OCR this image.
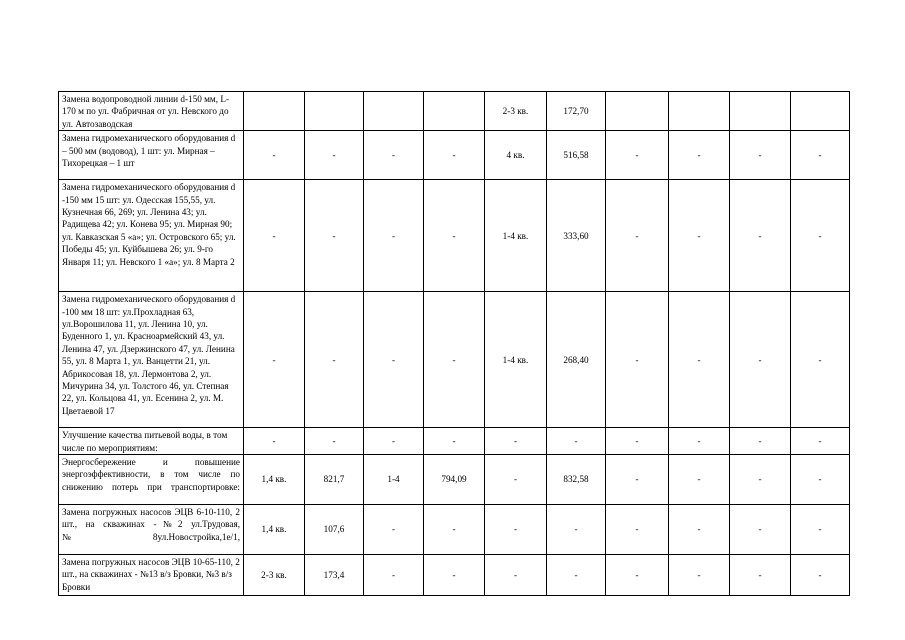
Замена водопроводной линии d-150 мм, L-170 м по ул. Фабричная от ул. Невского до ул. Автозаводская					2-3 кв.	172,70				
Замена гидромеханического оборудования d – 500 мм (водовод), 1 шт: ул. Мирная – Тихорецкая – 1 шт	-	-	-	-	4 кв.	516,58	-	-	-	-
Замена гидромеханического оборудования d -150 мм 15 шт: ул. Одесская 155,55, ул. Кузнечная 66, 269; ул. Ленина 43; ул. Радищева 42; ул. Конева 95; ул. Мирная 90; ул. Кавказская 5 «а»; ул. Островского 65; ул. Победы 45; ул. Куйбышева 26; ул. 9-го Января 11; ул. Невского 1 «а»; ул. 8 Марта 2	-	-	-	-	1-4 кв.	333,60	-	-	-	-
Замена гидромеханического оборудования d -100 мм 18 шт: ул.Прохладная 63, ул.Ворошилова 11, ул. Ленина 10, ул. Буденного 1, ул. Красноармейский 43, ул. Ленина 47, ул. Дзержинского 47, ул. Ленина 55, ул. 8 Марта 1, ул. Ванцетти 21, ул. Абрикосовая 18, ул. Лермонтова 2, ул. Мичурина 34, ул. Толстого 46, ул. Степная 22, ул. Кольцова 41, ул. Есенина 2, ул. М. Цветаевой 17	-	-	-	-	1-4 кв.	268,40	-	-	-	-
Улучшение качества питьевой воды, в том числе по мероприятиям:	-	-	-	-	-	-	-	-	-	-
Энергосбережение и повышение энергоэффективности, в том числе по снижению потерь при транспортировке:	1,4 кв.	821,7	1-4	794,09	-	832,58	-	-	-	-
Замена погружных насосов ЭЦВ 6-10-110, 2 шт., на скважинах -№2 ул.Трудовая, №8ул.Новостройка,1е/1,	1,4 кв.	107,6	-	-	-	-	-	-	-	-
Замена погружных насосов ЭЦВ 10-65-110, 2 шт., на скважинах - №13 в/з Бровки, №3 в/з Бровки	2-3 кв.	173,4	-	-	-	-	-	-	-	-
